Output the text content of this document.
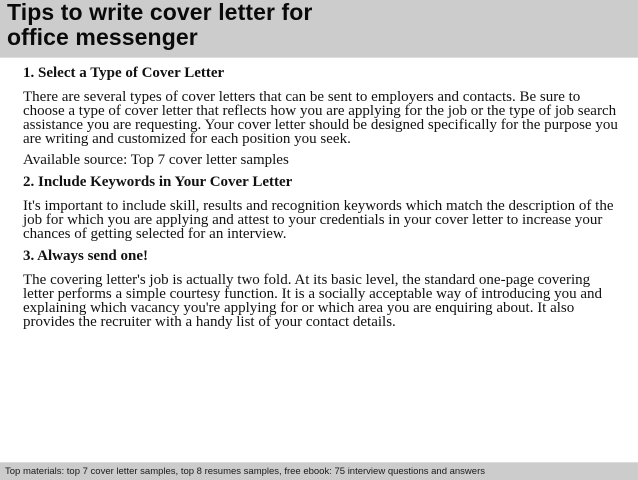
Tips to write cover letter for
office messenger
1. Select a Type of Cover Letter

There are several types of cover letters that can be sent to employers and contacts. Be sure to choose a type of cover letter that reflects how you are applying for the job or the type of job search assistance you are requesting. Your cover letter should be designed specifically for the purpose you are writing and customized for each position you seek.

Available source: Top 7 cover letter samples

2. Include Keywords in Your Cover Letter

It's important to include skill, results and recognition keywords which match the description of the job for which you are applying and attest to your credentials in your cover letter to increase your chances of getting selected for an interview.

3. Always send one!

The covering letter's job is actually two fold. At its basic level, the standard one-page covering letter performs a simple courtesy function. It is a socially acceptable way of introducing you and explaining which vacancy you're applying for or which area you are enquiring about. It also provides the recruiter with a handy list of your contact details.

Top materials: top 7 cover letter samples, top 8 resumes samples, free ebook: 75 interview questions and answers
